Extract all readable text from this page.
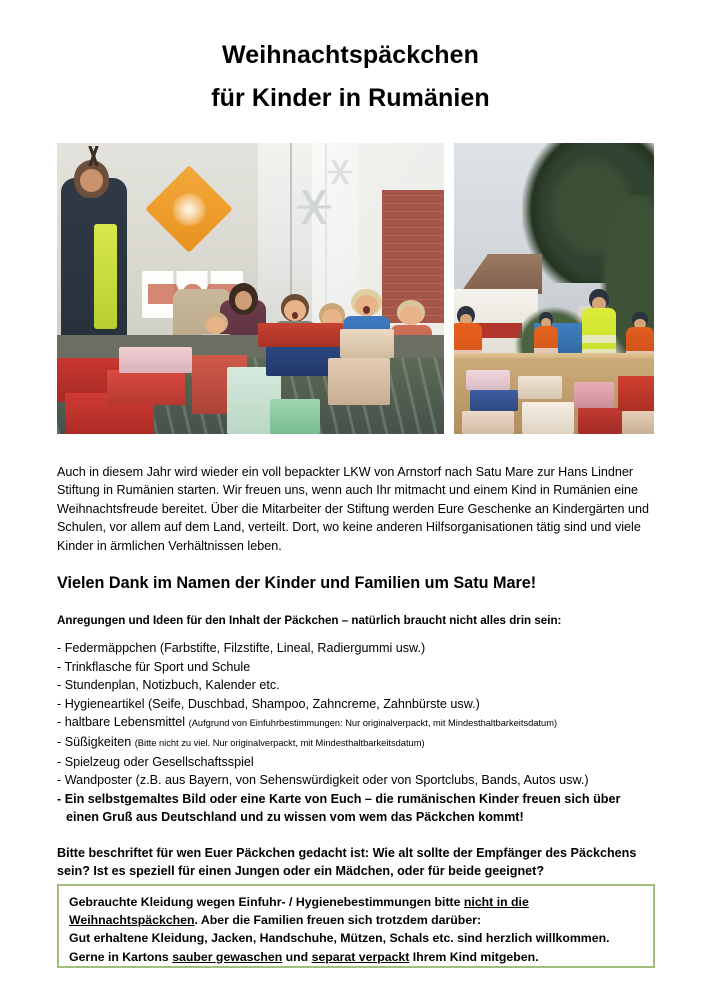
Weihnachtspäckchen
für Kinder in Rumänien

Auch in diesem Jahr wird wieder ein voll bepackter LKW von Arnstorf nach Satu Mare zur Hans Lindner Stiftung in Rumänien starten. Wir freuen uns, wenn auch Ihr mitmacht und einem Kind in Rumänien eine Weihnachtsfreude bereitet. Über die Mitarbeiter der Stiftung werden Eure Geschenke an Kindergärten und Schulen, vor allem auf dem Land, verteilt. Dort, wo keine anderen Hilfsorganisationen tätig sind und viele Kinder in ärmlichen Verhältnissen leben.

Vielen Dank im Namen der Kinder und Familien um Satu Mare!

Anregungen und Ideen für den Inhalt der Päckchen – natürlich braucht nicht alles drin sein:

- Federmäppchen (Farbstifte, Filzstifte, Lineal, Radiergummi usw.)
- Trinkflasche für Sport und Schule
- Stundenplan, Notizbuch, Kalender etc.
- Hygieneartikel (Seife, Duschbad, Shampoo, Zahncreme, Zahnbürste usw.)
- haltbare Lebensmittel (Aufgrund von Einfuhrbestimmungen: Nur originalverpackt, mit Mindesthaltbarkeitsdatum)
- Süßigkeiten (Bitte nicht zu viel. Nur originalverpackt, mit Mindesthaltbarkeitsdatum)
- Spielzeug oder Gesellschaftsspiel
- Wandposter (z.B. aus Bayern, von Sehenswürdigkeit oder von Sportclubs, Bands, Autos usw.)
- Ein selbstgemaltes Bild oder eine Karte von Euch – die rumänischen Kinder freuen sich über
einen Gruß aus Deutschland und zu wissen vom wem das Päckchen kommt!

Bitte beschriftet für wen Euer Päckchen gedacht ist: Wie alt sollte der Empfänger des Päckchens sein? Ist es speziell für einen Jungen oder ein Mädchen, oder für beide geeignet?

Gebrauchte Kleidung wegen Einfuhr- / Hygienebestimmungen bitte nicht in die
Weihnachtspäckchen. Aber die Familien freuen sich trotzdem darüber:
Gut erhaltene Kleidung, Jacken, Handschuhe, Mützen, Schals etc. sind herzlich willkommen.
Gerne in Kartons sauber gewaschen und separat verpackt Ihrem Kind mitgeben.
